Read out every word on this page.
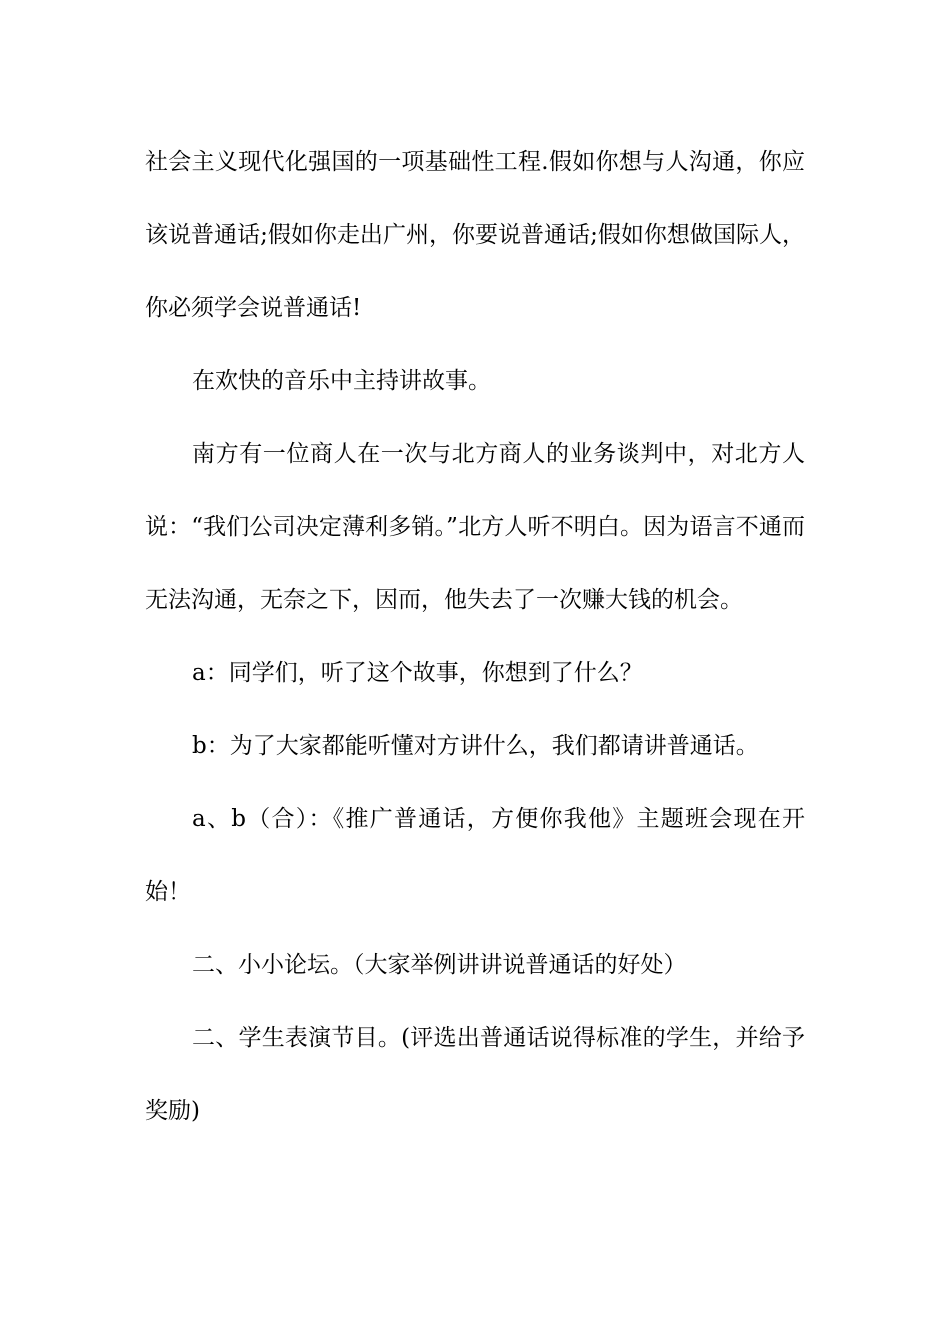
社会主义现代化强国的一项基础性工程.假如你想与人沟通，你应该说普通话;假如你走出广州，你要说普通话;假如你想做国际人，你必须学会说普通话!

在欢快的音乐中主持讲故事。

南方有一位商人在一次与北方商人的业务谈判中，对北方人说：“我们公司决定薄利多销。”北方人听不明白。因为语言不通而无法沟通，无奈之下，因而，他失去了一次赚大钱的机会。

a：同学们，听了这个故事，你想到了什么？

b：为了大家都能听懂对方讲什么，我们都请讲普通话。

a、b（合）：《推广普通话，方便你我他》主题班会现在开始！

二、小小论坛。（大家举例讲讲说普通话的好处）

二、学生表演节目。(评选出普通话说得标准的学生，并给予奖励)
